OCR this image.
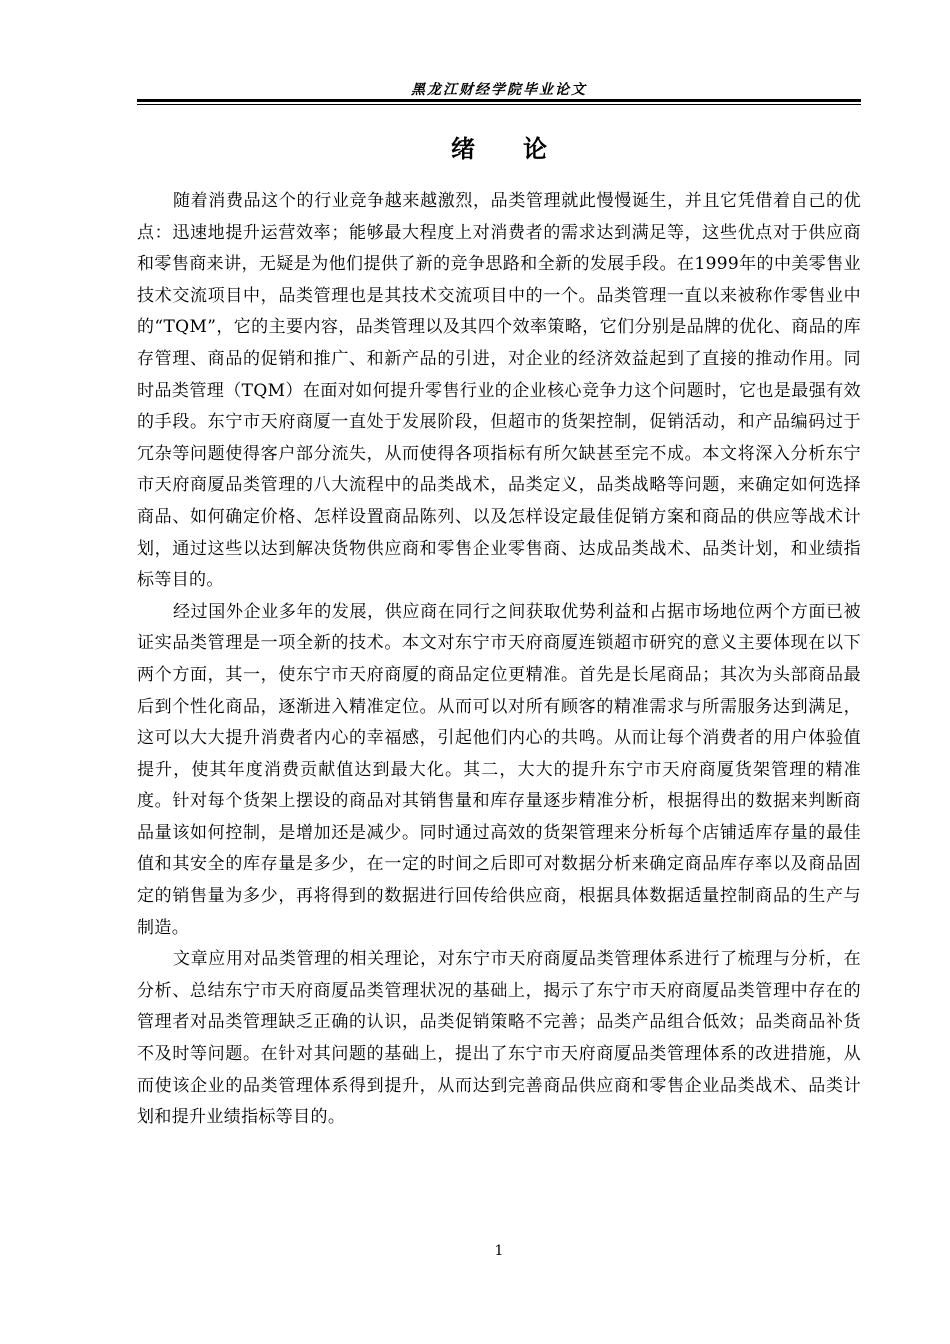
黑龙江财经学院毕业论文
绪论

随着消费品这个的行业竞争越来越激烈，品类管理就此慢慢诞生，并且它凭借着自己的优点：迅速地提升运营效率；能够最大程度上对消费者的需求达到满足等，这些优点对于供应商和零售商来讲，无疑是为他们提供了新的竞争思路和全新的发展手段。在1999年的中美零售业技术交流项目中，品类管理也是其技术交流项目中的一个。品类管理一直以来被称作零售业中的“TQM”，它的主要内容，品类管理以及其四个效率策略，它们分别是品牌的优化、商品的库存管理、商品的促销和推广、和新产品的引进，对企业的经济效益起到了直接的推动作用。同时品类管理（TQM）在面对如何提升零售行业的企业核心竞争力这个问题时，它也是最强有效的手段。东宁市天府商厦一直处于发展阶段，但超市的货架控制，促销活动，和产品编码过于冗杂等问题使得客户部分流失，从而使得各项指标有所欠缺甚至完不成。本文将深入分析东宁市天府商厦品类管理的八大流程中的品类战术，品类定义，品类战略等问题，来确定如何选择商品、如何确定价格、怎样设置商品陈列、以及怎样设定最佳促销方案和商品的供应等战术计划，通过这些以达到解决货物供应商和零售企业零售商、达成品类战术、品类计划，和业绩指标等目的。

经过国外企业多年的发展，供应商在同行之间获取优势利益和占据市场地位两个方面已被证实品类管理是一项全新的技术。本文对东宁市天府商厦连锁超市研究的意义主要体现在以下两个方面，其一，使东宁市天府商厦的商品定位更精准。首先是长尾商品；其次为头部商品最后到个性化商品，逐渐进入精准定位。从而可以对所有顾客的精准需求与所需服务达到满足，这可以大大提升消费者内心的幸福感，引起他们内心的共鸣。从而让每个消费者的用户体验值提升，使其年度消费贡献值达到最大化。其二，大大的提升东宁市天府商厦货架管理的精准度。针对每个货架上摆设的商品对其销售量和库存量逐步精准分析，根据得出的数据来判断商品量该如何控制，是增加还是减少。同时通过高效的货架管理来分析每个店铺适库存量的最佳值和其安全的库存量是多少，在一定的时间之后即可对数据分析来确定商品库存率以及商品固定的销售量为多少，再将得到的数据进行回传给供应商，根据具体数据适量控制商品的生产与制造。

文章应用对品类管理的相关理论，对东宁市天府商厦品类管理体系进行了梳理与分析，在分析、总结东宁市天府商厦品类管理状况的基础上，揭示了东宁市天府商厦品类管理中存在的管理者对品类管理缺乏正确的认识，品类促销策略不完善；品类产品组合低效；品类商品补货不及时等问题。在针对其问题的基础上，提出了东宁市天府商厦品类管理体系的改进措施，从而使该企业的品类管理体系得到提升，从而达到完善商品供应商和零售企业品类战术、品类计划和提升业绩指标等目的。

1
